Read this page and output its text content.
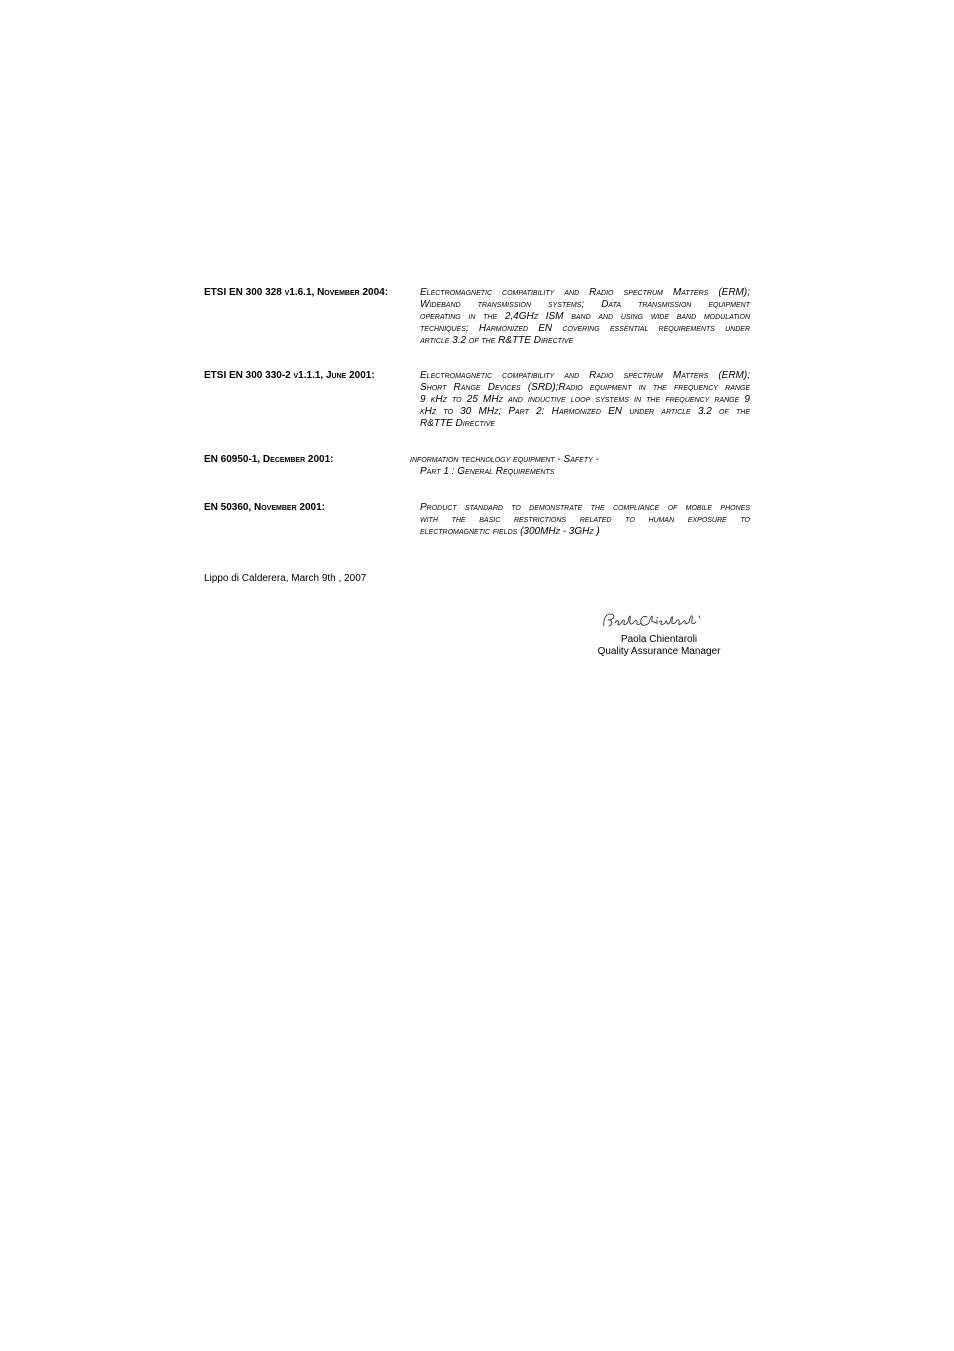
ETSI EN 300 328 v1.6.1, November 2004:	Electromagnetic compatibility and Radio spectrum Matters (ERM);
Wideband transmission systems; Data transmission equipment
operating in the 2,4GHz ISM band and using wide band modulation
techniques; Harmonized EN covering essential requirements under
article 3.2 of the R&TTE Directive
ETSI EN 300 330-2 v1.1.1, June 2001:	Electromagnetic compatibility and Radio spectrum Matters (ERM);
Short Range Devices (SRD);Radio equipment in the frequency range
9 kHz to 25 MHz and inductive loop systems in the frequency range 9
kHz to 30 MHz; Part 2: Harmonized EN under article 3.2 of the
R&TTE Directive
EN 60950-1, December 2001:	information technology equipment - Safety -
Part 1 : General Requirements
EN 50360, November 2001:	Product standard to demonstrate the compliance of mobile phones
with the basic restrictions related to human exposure to
electromagnetic fields (300MHz - 3GHz )
Lippo di Calderera, March 9th , 2007
Paola Chientaroli
Quality Assurance Manager
